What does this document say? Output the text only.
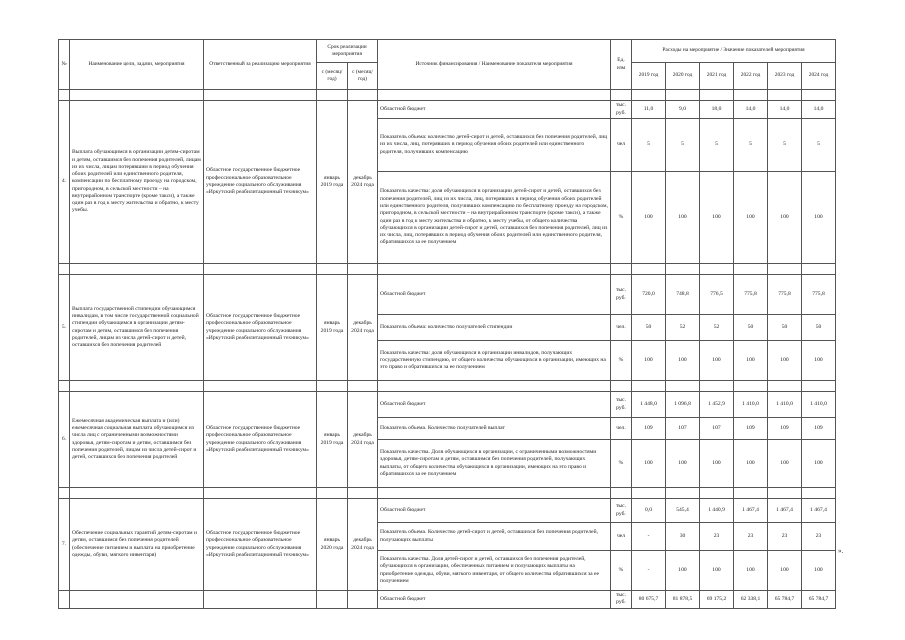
№	Наименование цели, задачи, мероприятия	Ответственный за реализацию мероприятия	Срок реализации мероприятия		Источник финансирования / Наименование показателя мероприятия	Ед. изм	Расходы на мероприятие / Значение показателей мероприятия					
			с (месяц/ год)	с (месяц/ год)			2019 год	2020 год	2021 год	2022 год	2023 год	2024 год

4.	Выплата обучающимся в организации детям-сиротам и детям, оставшимся без попечения родителей, лицам из их числа, лицам потерявшим в период обучения обоих родителей или единственного родителя, компенсации по бесплатному проезду на городском, пригородном, в сельской местности – на внутрирайонном транспорте (кроме такси), а также один раз в год к месту жительства и обратно, к месту учебы.	Областное государственное бюджетное профессиональное образовательное учреждение социального обслуживания «Иркутский реабилитационный техникум»	январь 2019 года	декабрь 2024 года	Областной бюджет	тыс. руб.	11,0	9,0	18,0	14,0	14,0	14,0
					Показатель объема: количество детей-сирот и детей, оставшихся без попечения родителей, лиц из их числа, лиц, потерявших в период обучения обоих родителей или единственного родителя, получивших компенсацию	чел	5	5	5	5	5	5
					Показатель качества: доля обучающихся в организации детей-сирот и детей, оставшихся без попечения родителей, лиц из их числа, лиц, потерявших в период обучения обоих родителей или единственного родителя, получивших компенсацию по бесплатному проезду на городском, пригородном, в сельской местности – на внутрирайонном транспорте (кроме такси), а также один раз в год к месту жительства и обратно, к месту учебы, от общего количества обучающихся в организации детей-сирот и детей, оставшихся без попечения родителей, лиц из их числа, лиц, потерявших в период обучения обоих родителей или единственного родителя, обратившихся за ее получением	%	100	100	100	100	100	100

5.	Выплата государственной стипендии обучающимся инвалидам, в том числе государственной социальной стипендии обучающимся в организации детям-сиротам и детям, оставшимся без попечения родителей, лицам из числа детей-сирот и детей, оставшихся без попечения родителей	Областное государственное бюджетное профессиональное образовательное учреждение социального обслуживания «Иркутский реабилитационный техникум»	январь 2019 года	декабрь 2024 года	Областной бюджет	тыс. руб.	720,0	748,8	776,5	775,8	775,8	775,8
					Показатель объема: количество получателей стипендии	чел.	50	52	52	50	50	50
					Показатель качества: доля обучающихся в организации инвалидов, получающих государственную стипендию, от общего количества обучающихся в организации, имеющих на это право и обратившихся за ее получением	%	100	100	100	100	100	100

6.	Ежемесячная академическая выплата и (или) ежемесячная социальная выплата обучающимся из числа лиц с ограниченными возможностями здоровья, детям-сиротам и детям, оставшимся без попечения родителей, лицам из числа детей-сирот и детей, оставшихся без попечения родителей	Областное государственное бюджетное профессиональное образовательное учреждение социального обслуживания «Иркутский реабилитационный техникум»	январь 2019 года	декабрь 2024 года	Областной бюджет	тыс. руб.	1 448,0	1 096,8	1 452,9	1 410,0	1 410,0	1 410,0
					Показатель объема. Количество получателей выплат	чел.	109	107	107	109	109	109
					Показатель качества. Доля обучающихся в организации, с ограниченными возможностями здоровья, детям-сиротам и детям, оставшимся без попечения родителей, получающих выплаты, от общего количества обучающихся в организации, имеющих на это право и обратившихся за ее получением	%	100	100	100	100	100	100

7.	Обеспечение социальных гарантий детям-сиротам и детям, оставшимся без попечения родителей (обеспечение питанием и выплата на приобретение одежды, обуви, мягкого инвентаря)	Областное государственное бюджетное профессиональное образовательное учреждение социального обслуживания «Иркутский реабилитационный техникум»	январь 2020 года	декабрь 2024 года	Областной бюджет	тыс. руб.	0,0	545,4	1 440,9	1 467,4	1 467,4	1 467,4
					Показатель объема. Количество детей-сирот и детей, оставшихся без попечения родителей, получающих выплаты	чел	-	30	23	23	23	23
					Показатель качества. Доля детей-сирот и детей, оставшихся без попечения родителей, обучающихся в организации, обеспеченных питанием и получающих выплаты на приобретение одежды, обуви, мягкого инвентаря, от общего количества обратившихся за ее получением	%	-	100	100	100	100	100
					Областной бюджет	тыс. руб.	80 675,7	81 878,5	69 175,2	62 338,1	65 784,7	65 784,7
».
